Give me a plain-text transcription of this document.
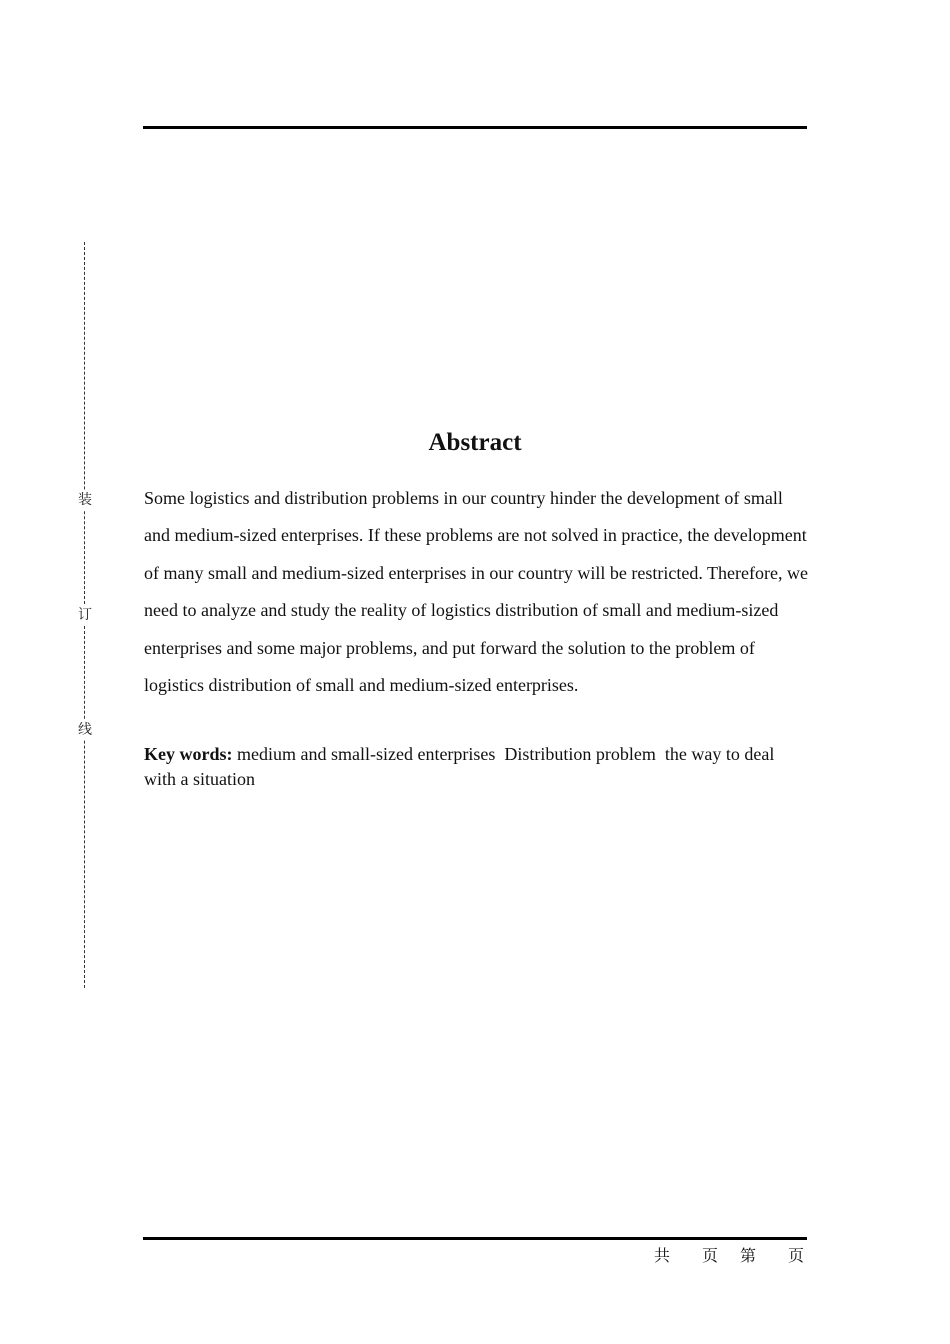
装
订
线
Abstract

Some logistics and distribution problems in our country hinder the development of small and medium-sized enterprises. If these problems are not solved in practice, the development of many small and medium-sized enterprises in our country will be restricted. Therefore, we need to analyze and study the reality of logistics distribution of small and medium-sized enterprises and some major problems, and put forward the solution to the problem of logistics distribution of small and medium-sized enterprises.

Key words: medium and small-sized enterprises  Distribution problem  the way to deal with a situation

共 页 第 页
